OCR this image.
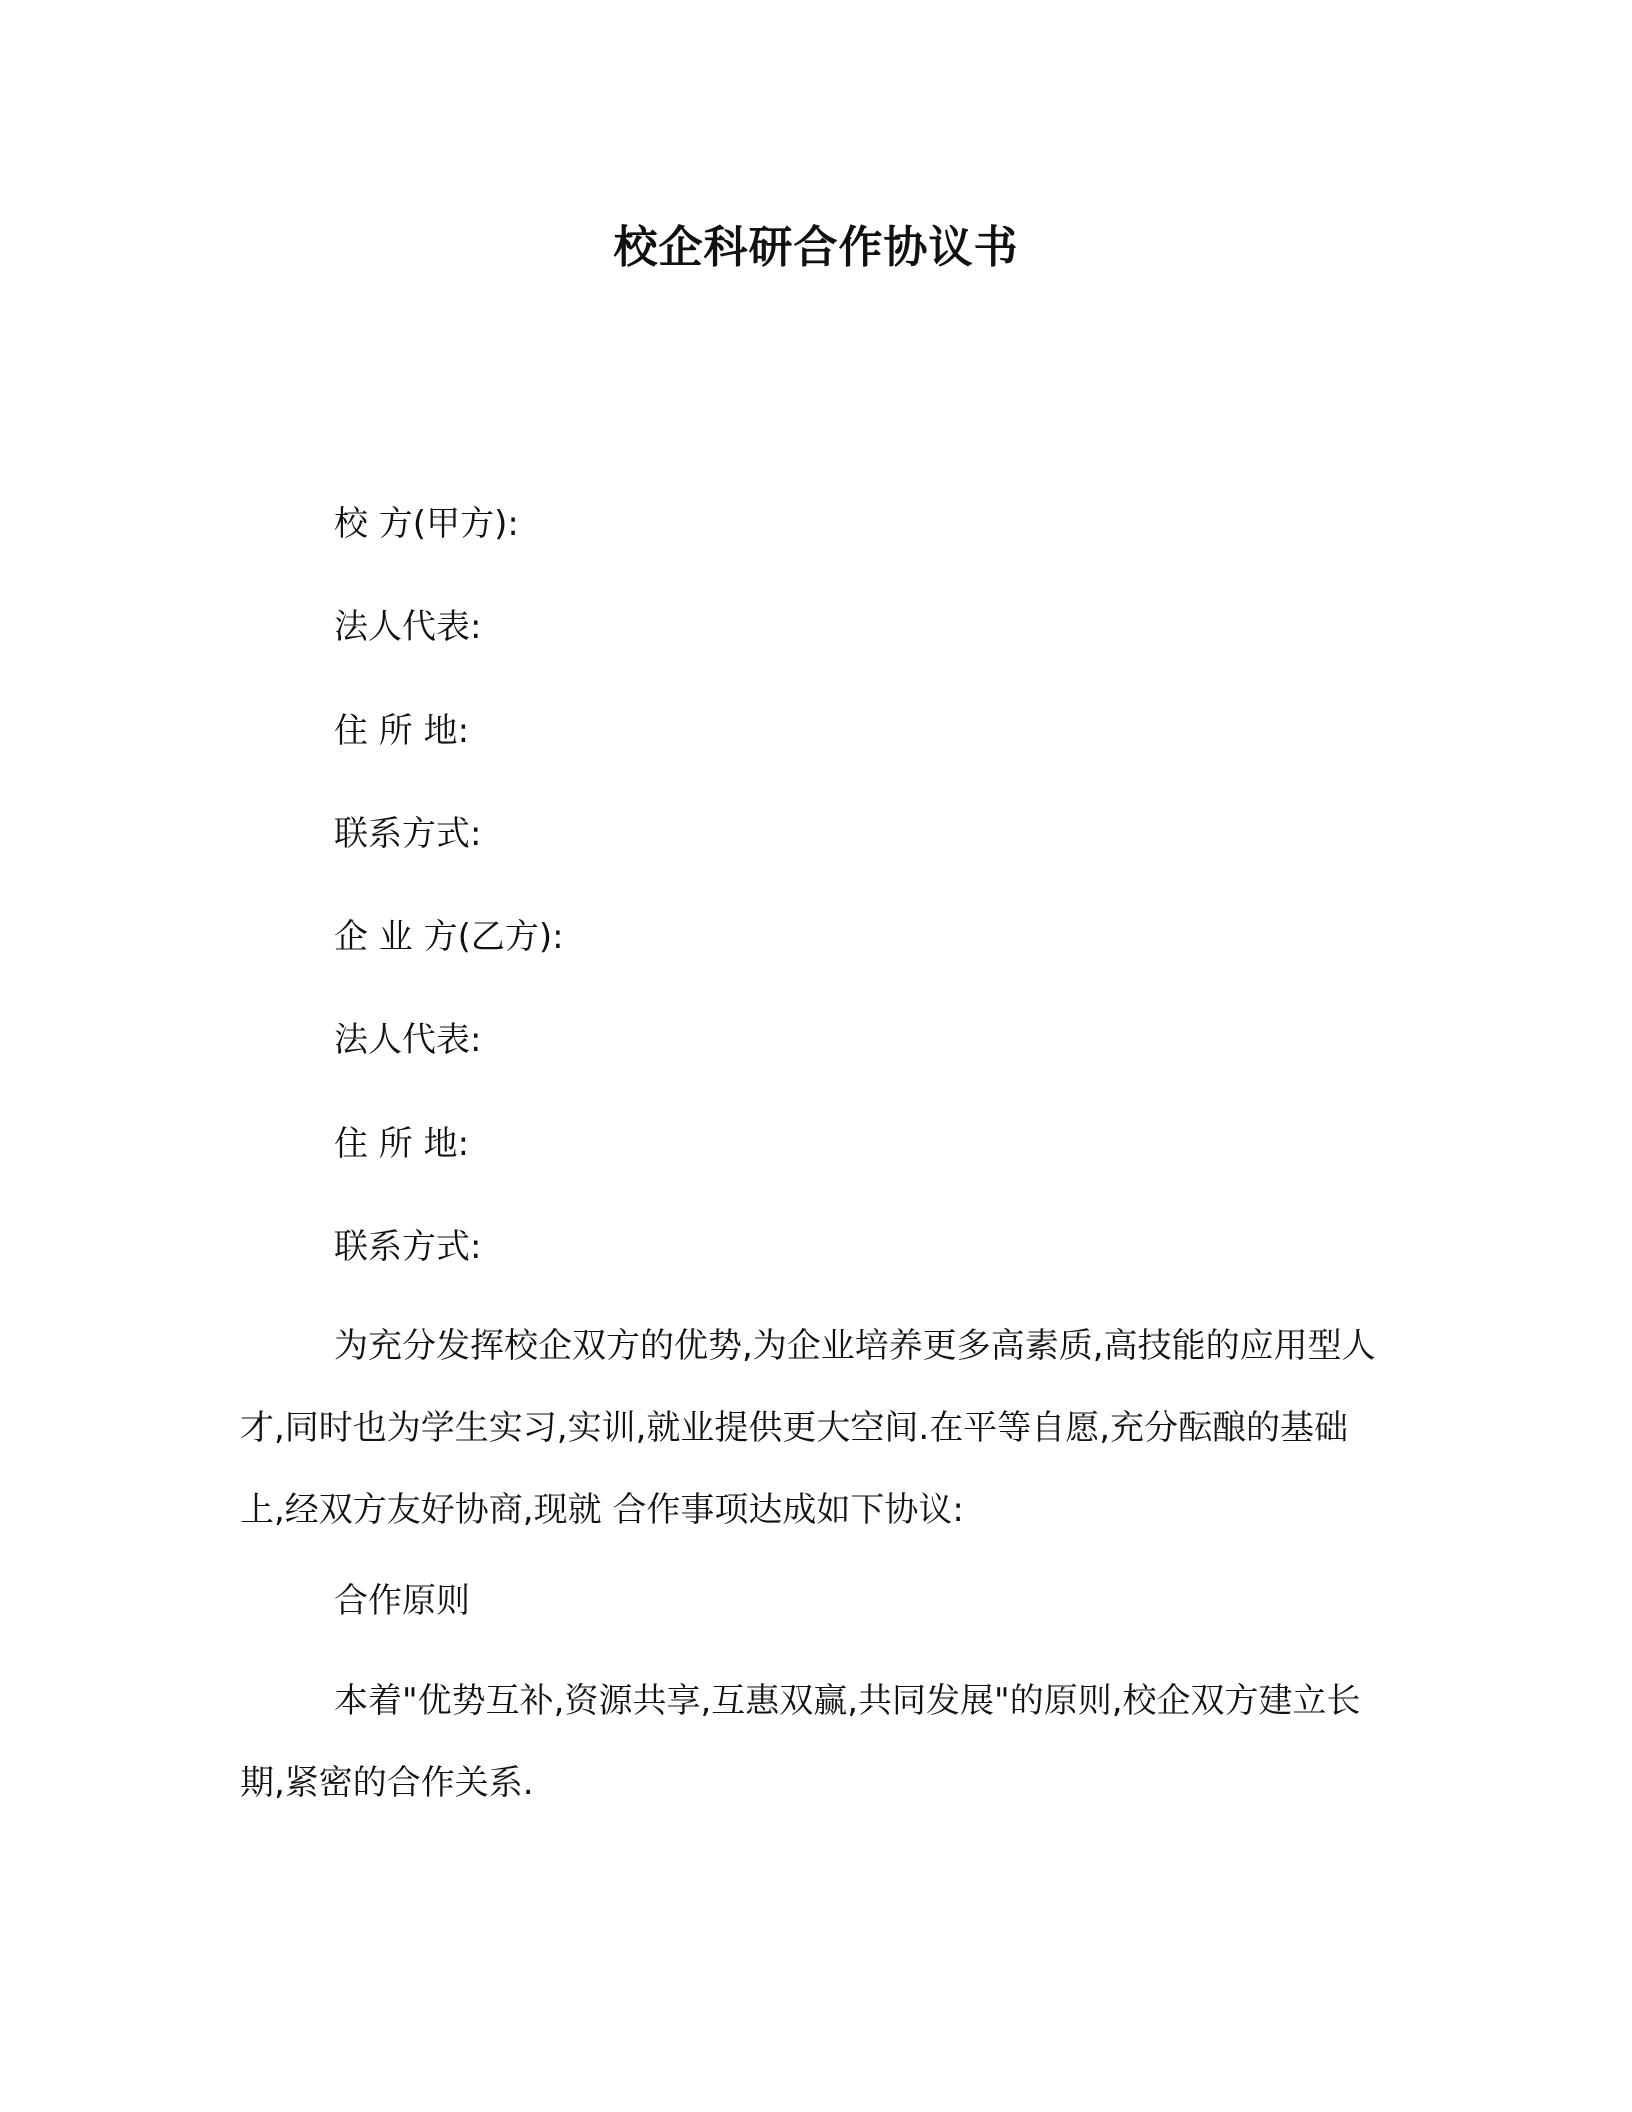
校企科研合作协议书
校 方(甲方):
法人代表:
住 所 地:
联系方式:
企 业 方(乙方):
法人代表:
住 所 地:
联系方式:
为充分发挥校企双方的优势,为企业培养更多高素质,高技能的应用型人才,同时也为学生实习,实训,就业提供更大空间.在平等自愿,充分酝酿的基础上,经双方友好协商,现就 合作事项达成如下协议:
合作原则
本着"优势互补,资源共享,互惠双赢,共同发展"的原则,校企双方建立长期,紧密的合作关系.
